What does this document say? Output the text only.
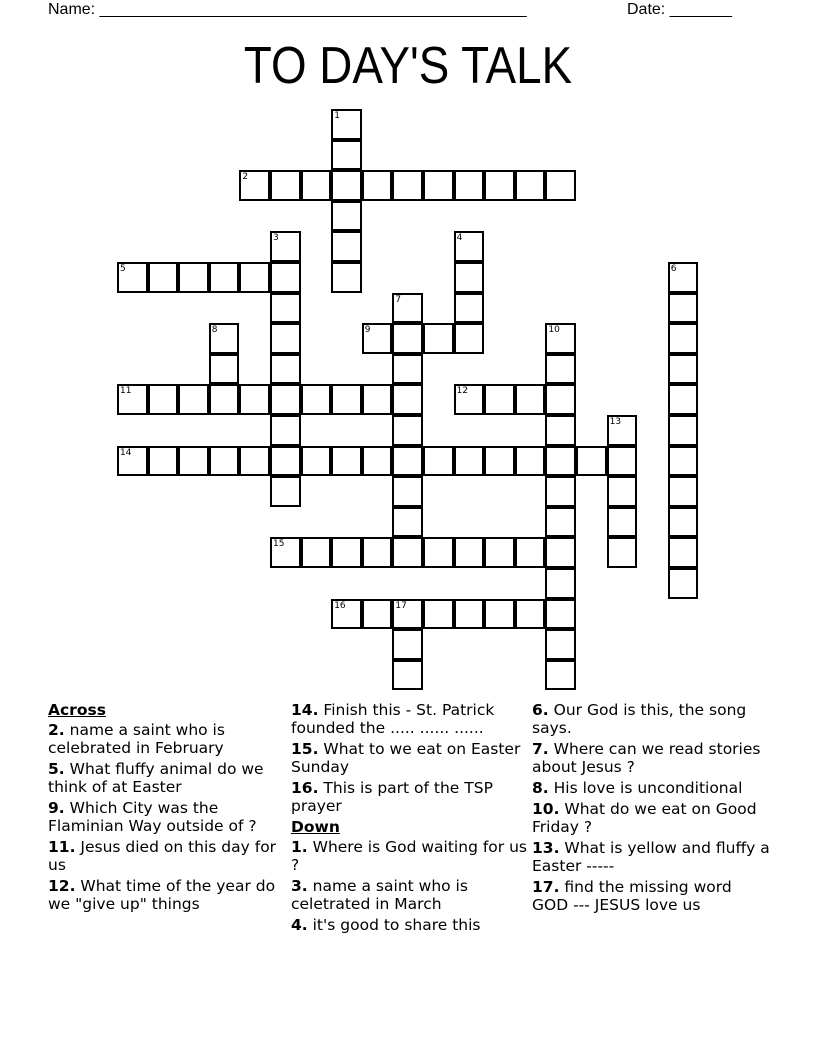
Name: ________________________________________________	Date: _______
TO DAY'S TALK
1
2
3	4
5	6
7
8	9	10
11	12
13
14
15
16	17
Across
2. name a saint who is celebrated in February
5. What fluffy animal do we think of at Easter
9. Which City was the Flaminian Way outside of ?
11. Jesus died on this day for us
12. What time of the year do we "give up" things
14. Finish this - St. Patrick founded the ..... ...... ......
15. What to we eat on Easter Sunday
16. This is part of the TSP prayer
Down
1. Where is God waiting for us ?
3. name a saint who is celetrated in March
4. it's good to share this
6. Our God is this, the song says.
7. Where can we read stories about Jesus ?
8. His love is unconditional
10. What do we eat on Good Friday ?
13. What is yellow and fluffy a Easter -----
17. find the missing word GOD --- JESUS love us
